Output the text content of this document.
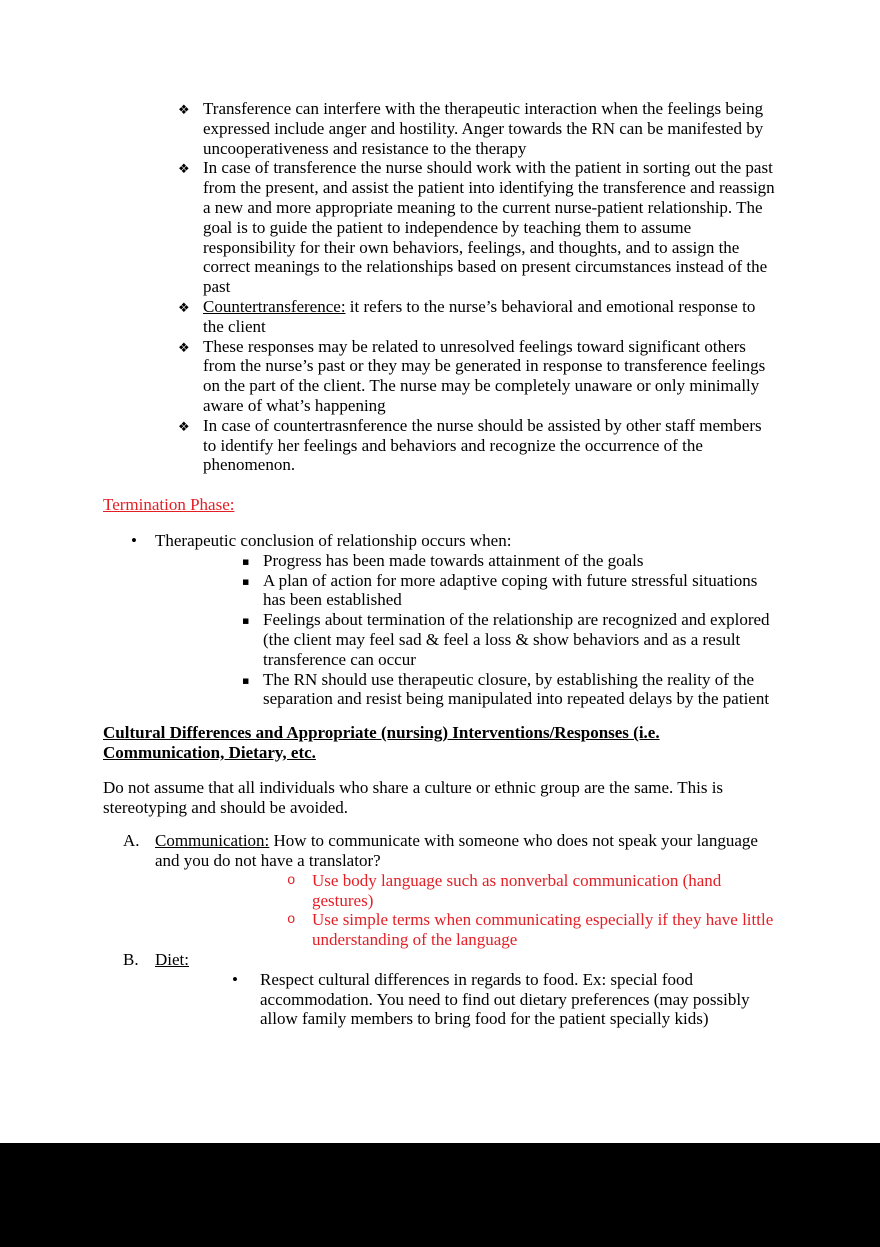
❖ Transference can interfere with the therapeutic interaction when the feelings being expressed include anger and hostility. Anger towards the RN can be manifested by uncooperativeness and resistance to the therapy
❖ In case of transference the nurse should work with the patient in sorting out the past from the present, and assist the patient into identifying the transference and reassign a new and more appropriate meaning to the current nurse-patient relationship. The goal is to guide the patient to independence by teaching them to assume responsibility for their own behaviors, feelings, and thoughts, and to assign the correct meanings to the relationships based on present circumstances instead of the past
❖ Countertransference: it refers to the nurse’s behavioral and emotional response to the client
❖ These responses may be related to unresolved feelings toward significant others from the nurse’s past or they may be generated in response to transference feelings on the part of the client. The nurse may be completely unaware or only minimally aware of what’s happening
❖ In case of countertrasnference the nurse should be assisted by other staff members to identify her feelings and behaviors and recognize the occurrence of the phenomenon.
Termination Phase:
• Therapeutic conclusion of relationship occurs when:
▪ Progress has been made towards attainment of the goals
▪ A plan of action for more adaptive coping with future stressful situations has been established
▪ Feelings about termination of the relationship are recognized and explored (the client may feel sad & feel a loss & show behaviors and as a result transference can occur
▪ The RN should use therapeutic closure, by establishing the reality of the separation and resist being manipulated into repeated delays by the patient
Cultural Differences and Appropriate (nursing) Interventions/Responses (i.e.
Communication, Dietary, etc.

Do not assume that all individuals who share a culture or ethnic group are the same. This is stereotyping and should be avoided.

A. Communication: How to communicate with someone who does not speak your language and you do not have a translator?
o Use body language such as nonverbal communication (hand gestures)
o Use simple terms when communicating especially if they have little understanding of the language
B. Diet:
• Respect cultural differences in regards to food. Ex: special food accommodation. You need to find out dietary preferences (may possibly allow family members to bring food for the patient specially kids)
